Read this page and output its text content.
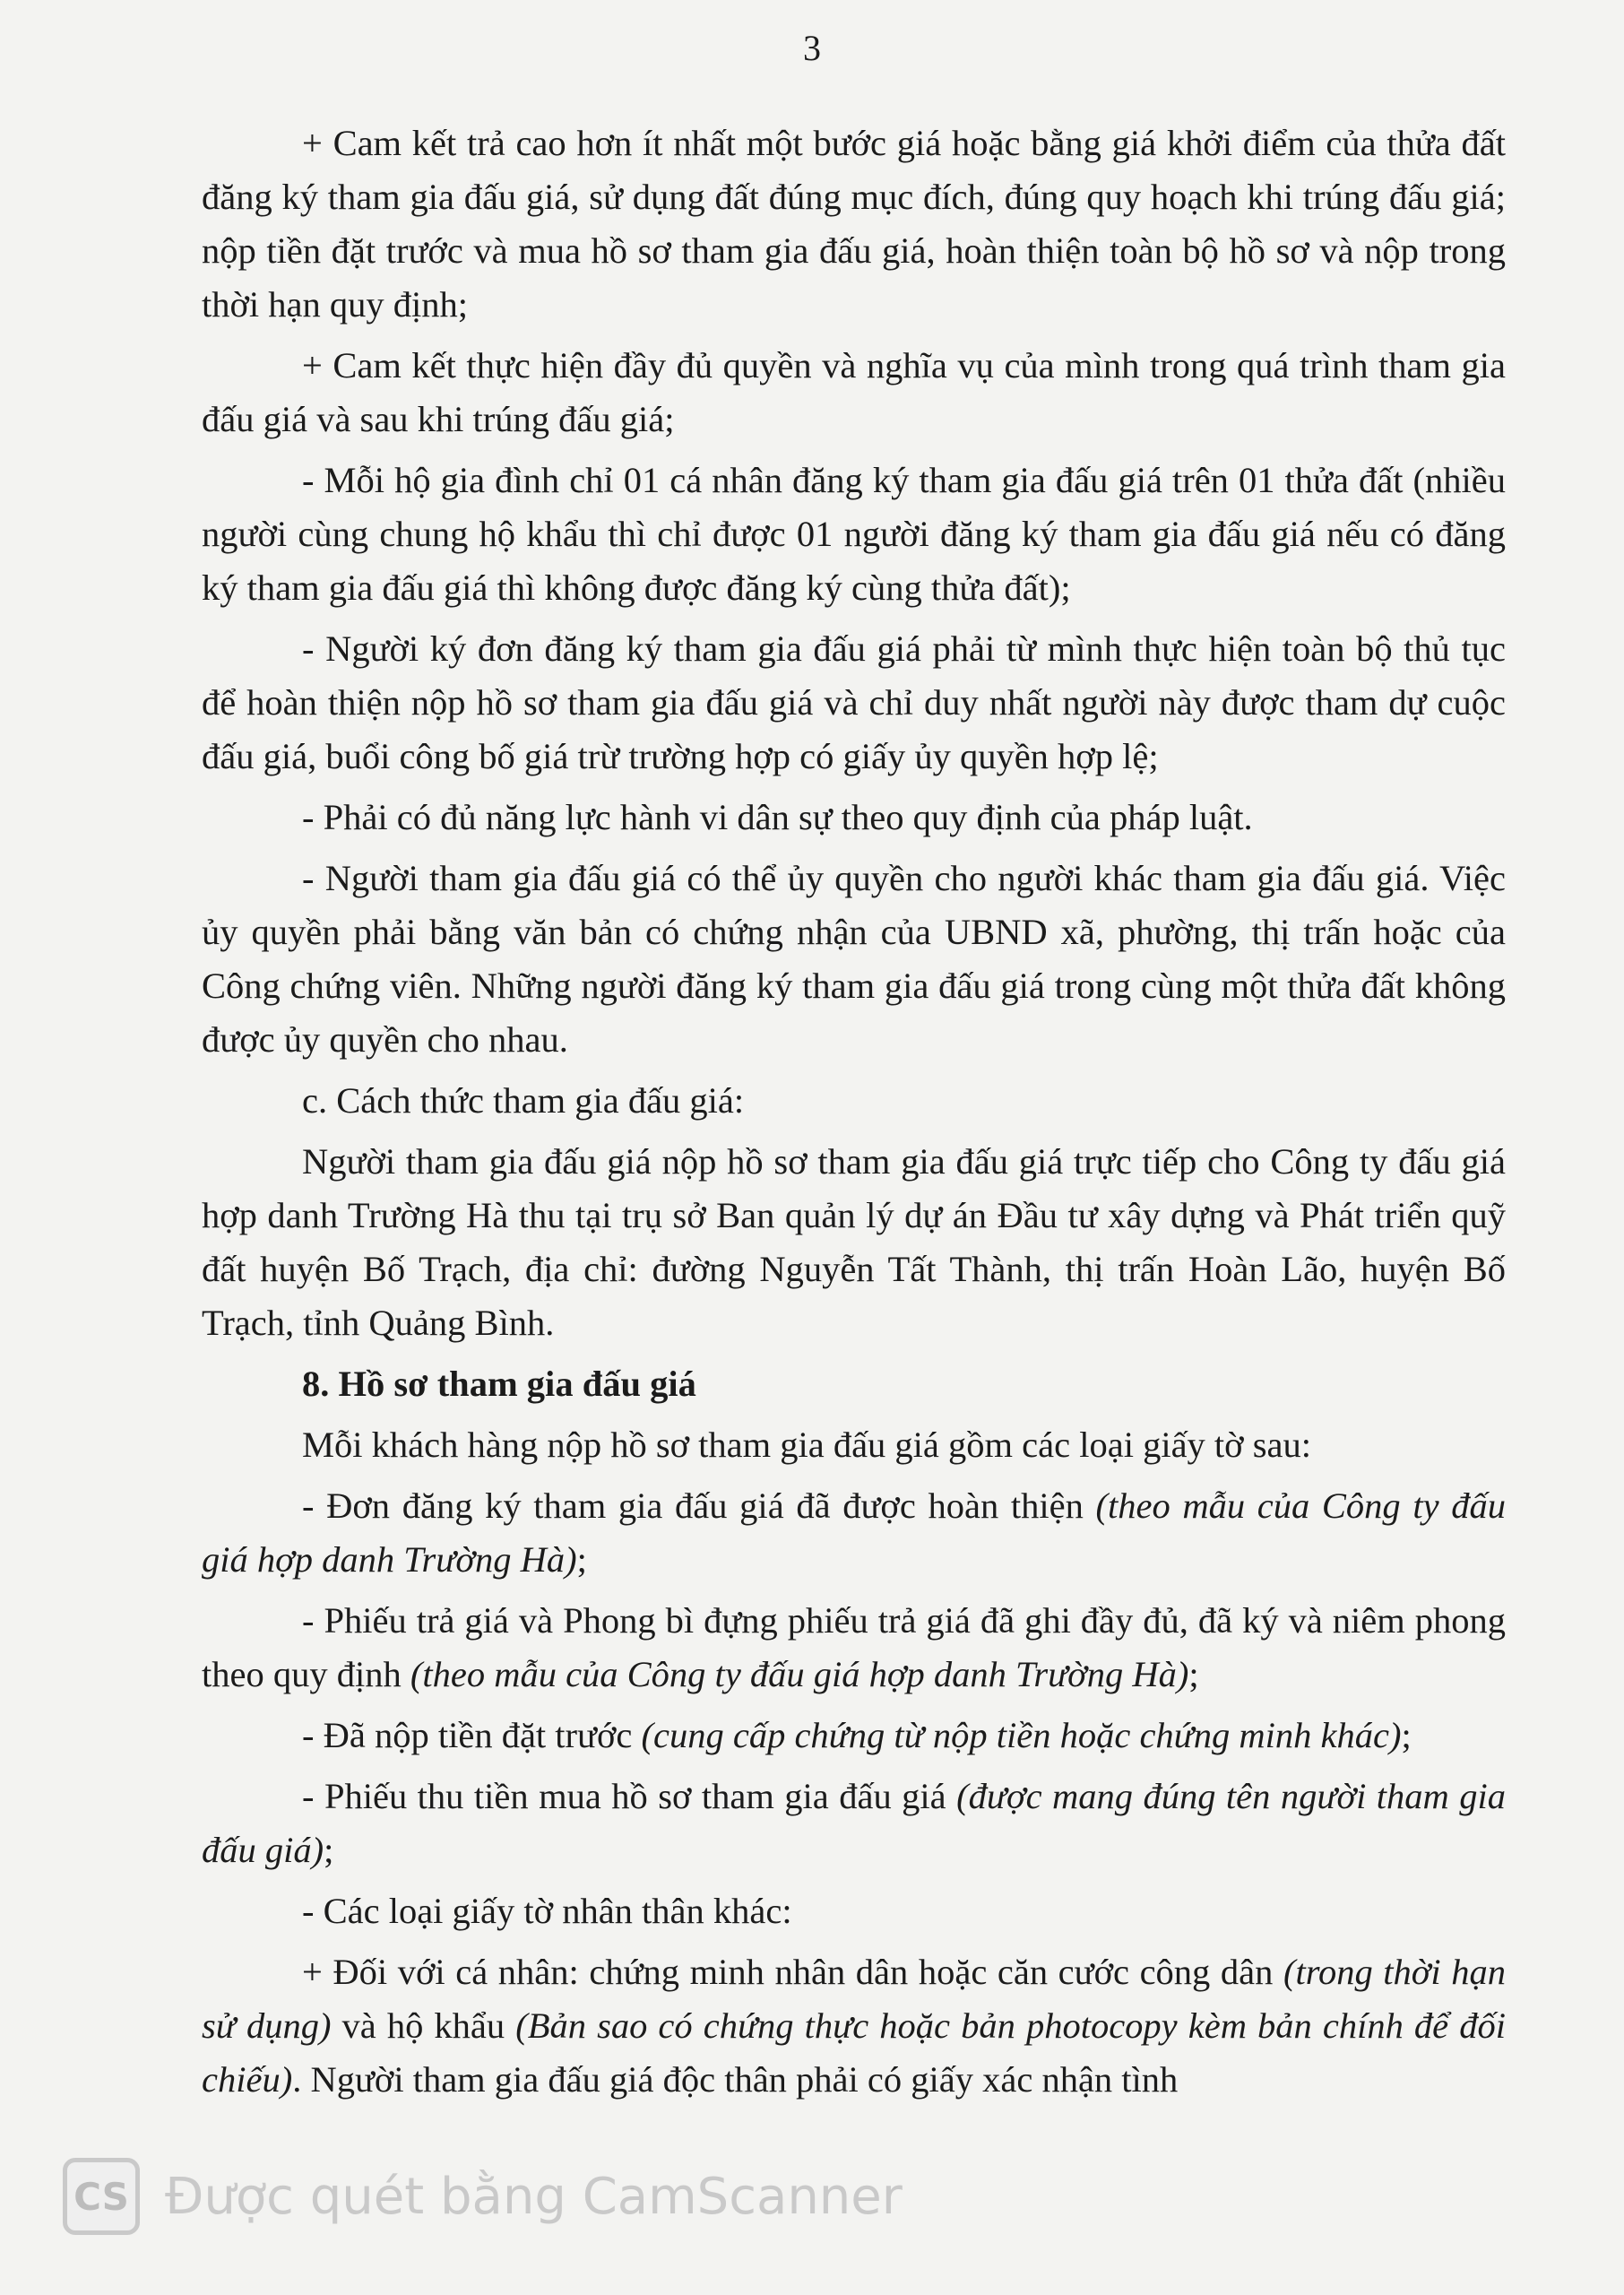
3

+ Cam kết trả cao hơn ít nhất một bước giá hoặc bằng giá khởi điểm của thửa đất đăng ký tham gia đấu giá, sử dụng đất đúng mục đích, đúng quy hoạch khi trúng đấu giá; nộp tiền đặt trước và mua hồ sơ tham gia đấu giá, hoàn thiện toàn bộ hồ sơ và nộp trong thời hạn quy định;

+ Cam kết thực hiện đầy đủ quyền và nghĩa vụ của mình trong quá trình tham gia đấu giá và sau khi trúng đấu giá;

- Mỗi hộ gia đình chỉ 01 cá nhân đăng ký tham gia đấu giá trên 01 thửa đất (nhiều người cùng chung hộ khẩu thì chỉ được 01 người đăng ký tham gia đấu giá nếu có đăng ký tham gia đấu giá thì không được đăng ký cùng thửa đất);

- Người ký đơn đăng ký tham gia đấu giá phải từ mình thực hiện toàn bộ thủ tục để hoàn thiện nộp hồ sơ tham gia đấu giá và chỉ duy nhất người này được tham dự cuộc đấu giá, buổi công bố giá trừ trường hợp có giấy ủy quyền hợp lệ;

- Phải có đủ năng lực hành vi dân sự theo quy định của pháp luật.

- Người tham gia đấu giá có thể ủy quyền cho người khác tham gia đấu giá. Việc ủy quyền phải bằng văn bản có chứng nhận của UBND xã, phường, thị trấn hoặc của Công chứng viên. Những người đăng ký tham gia đấu giá trong cùng một thửa đất không được ủy quyền cho nhau.

c. Cách thức tham gia đấu giá:

Người tham gia đấu giá nộp hồ sơ tham gia đấu giá trực tiếp cho Công ty đấu giá hợp danh Trường Hà thu tại trụ sở Ban quản lý dự án Đầu tư xây dựng và Phát triển quỹ đất huyện Bố Trạch, địa chỉ: đường Nguyễn Tất Thành, thị trấn Hoàn Lão, huyện Bố Trạch, tỉnh Quảng Bình.

8. Hồ sơ tham gia đấu giá

Mỗi khách hàng nộp hồ sơ tham gia đấu giá gồm các loại giấy tờ sau:

- Đơn đăng ký tham gia đấu giá đã được hoàn thiện (theo mẫu của Công ty đấu giá hợp danh Trường Hà);

- Phiếu trả giá và Phong bì đựng phiếu trả giá đã ghi đầy đủ, đã ký và niêm phong theo quy định (theo mẫu của Công ty đấu giá hợp danh Trường Hà);

- Đã nộp tiền đặt trước (cung cấp chứng từ nộp tiền hoặc chứng minh khác);

- Phiếu thu tiền mua hồ sơ tham gia đấu giá (được mang đúng tên người tham gia đấu giá);

- Các loại giấy tờ nhân thân khác:

+ Đối với cá nhân: chứng minh nhân dân hoặc căn cước công dân (trong thời hạn sử dụng) và hộ khẩu (Bản sao có chứng thực hoặc bản photocopy kèm bản chính để đối chiếu). Người tham gia đấu giá độc thân phải có giấy xác nhận tình

CS Được quét bằng CamScanner
